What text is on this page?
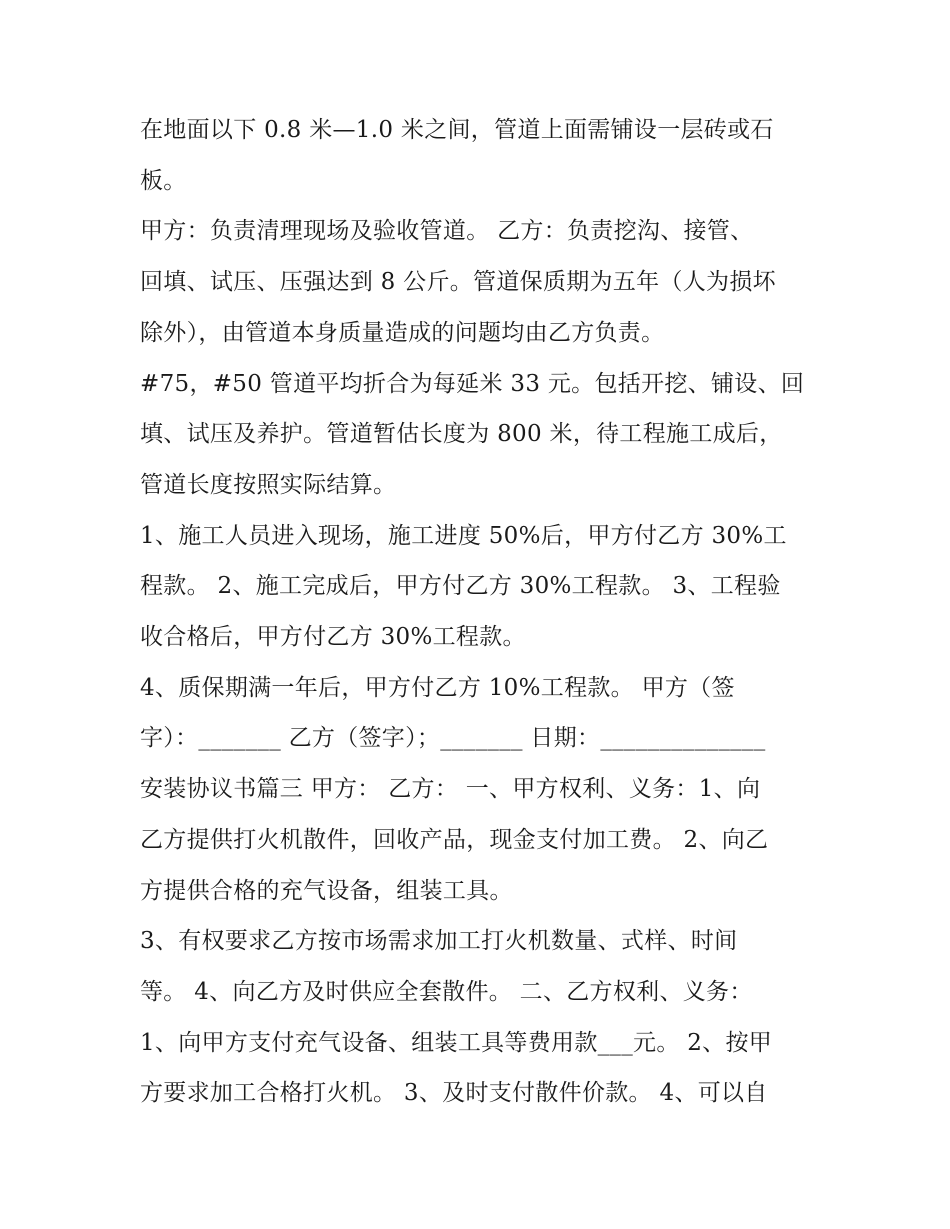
在地面以下 0.8 米—1.0 米之间，管道上面需铺设一层砖或石
板。

甲方：负责清理现场及验收管道。 乙方：负责挖沟、接管、
回填、试压、压强达到 8 公斤。管道保质期为五年（人为损坏
除外），由管道本身质量造成的问题均由乙方负责。

#75，#50 管道平均折合为每延米 33 元。包括开挖、铺设、回
填、试压及养护。管道暂估长度为 800 米，待工程施工成后，
管道长度按照实际结算。

1、施工人员进入现场，施工进度 50%后，甲方付乙方 30%工
程款。 2、施工完成后，甲方付乙方 30%工程款。 3、工程验
收合格后，甲方付乙方 30%工程款。

4、质保期满一年后，甲方付乙方 10%工程款。 甲方（签
字）：_______ 乙方（签字）；_______ 日期：______________

安装协议书篇三 甲方： 乙方： 一、甲方权利、义务：1、向
乙方提供打火机散件，回收产品，现金支付加工费。 2、向乙
方提供合格的充气设备，组装工具。

3、有权要求乙方按市场需求加工打火机数量、式样、时间
等。 4、向乙方及时供应全套散件。 二、乙方权利、义务：
1、向甲方支付充气设备、组装工具等费用款___元。 2、按甲
方要求加工合格打火机。 3、及时支付散件价款。 4、可以自
